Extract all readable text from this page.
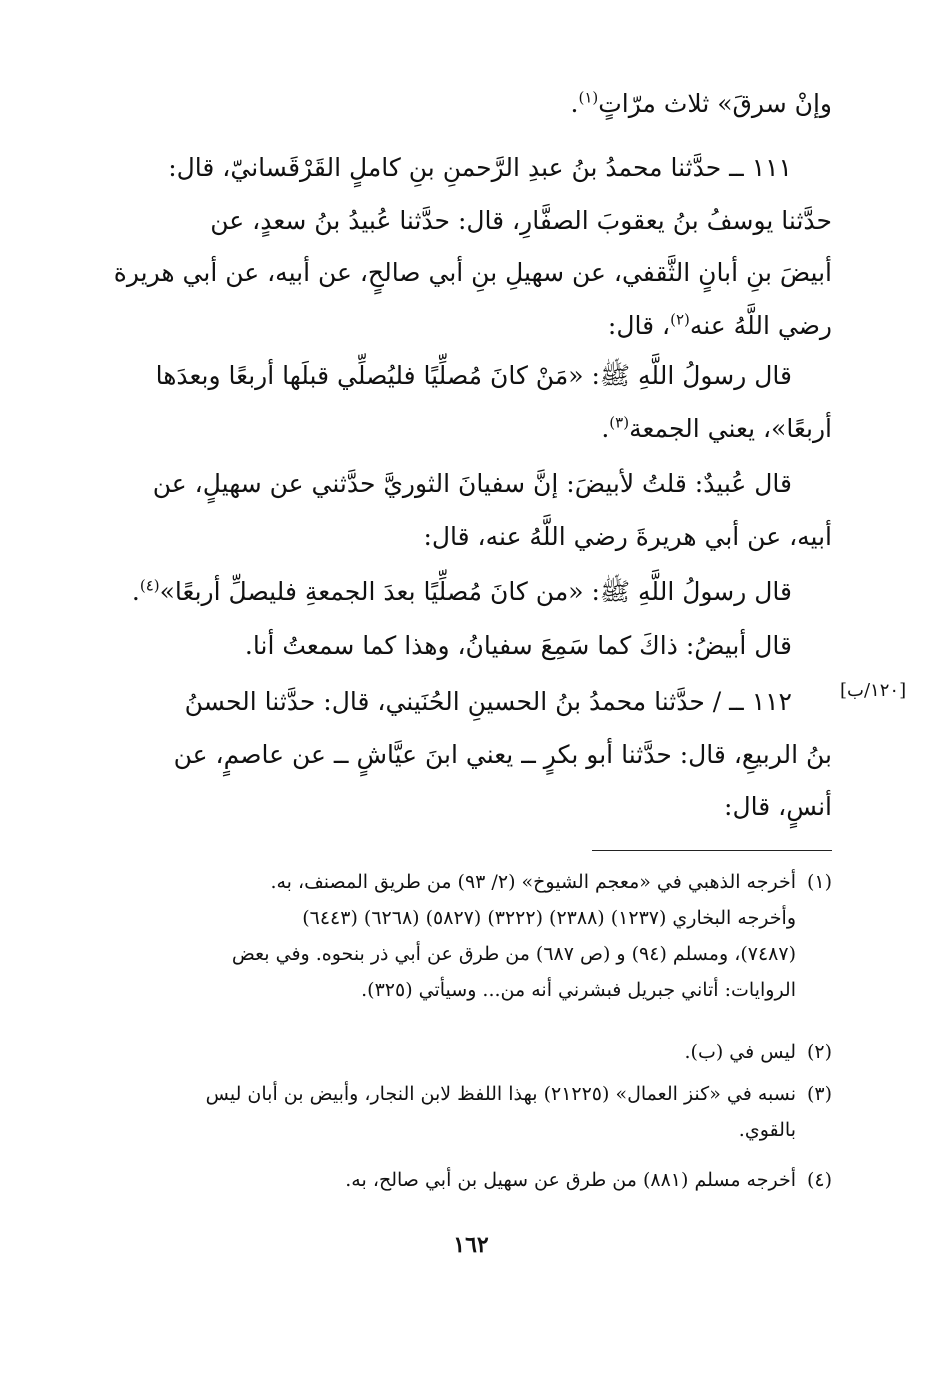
وإنْ سرقَ» ثلاث مرّاتٍ$^{(١)}$.
١١١ ــ حدَّثنا محمدُ بنُ عبدِ الرَّحمنِ بنِ كاملٍ القَرْقَسانيّ، قال:
حدَّثنا يوسفُ بنُ يعقوبَ الصفَّارِ، قال: حدَّثنا عُبيدُ بنُ سعدٍ، عن
أبيضَ بنِ أبانٍ الثَّقفي، عن سهيلِ بنِ أبي صالحٍ، عن أبيه، عن أبي هريرة
رضي اللَّهُ عنه$^{(٢)}$، قال:
قال رسولُ اللَّهِ ﷺ: «مَنْ كانَ مُصلِّيًا فليُصلِّي قبلَها أربعًا وبعدَها
أربعًا»، يعني الجمعة$^{(٣)}$.
قال عُبيدٌ: قلتُ لأبيضَ: إنَّ سفيانَ الثوريَّ حدَّثني عن سهيلٍ، عن
أبيه، عن أبي هريرةَ رضي اللَّهُ عنه، قال:
قال رسولُ اللَّهِ ﷺ: «من كانَ مُصلِّيًا بعدَ الجمعةِ فليصلِّ أربعًا»$^{(٤)}$.
قال أبيضُ: ذاكَ كما سَمِعَ سفيانُ، وهذا كما سمعتُ أنا.
[١٢٠/ب]
١١٢ ــ / حدَّثنا محمدُ بنُ الحسينِ الحُنَيني، قال: حدَّثنا الحسنُ
بنُ الربيعِ، قال: حدَّثنا أبو بكرٍ ــ يعني ابنَ عيَّاشٍ ــ عن عاصمٍ، عن
أنسٍ، قال:
(١)أخرجه الذهبي في «معجم الشيوخ» (٢/ ٩٣) من طريق المصنف، به.
وأخرجه البخاري (١٢٣٧) (٢٣٨٨) (٣٢٢٢) (٥٨٢٧) (٦٢٦٨) (٦٤٤٣)
(٧٤٨٧)، ومسلم (٩٤) و (ص ٦٨٧) من طرق عن أبي ذر بنحوه. وفي بعض
الروايات: أتاني جبريل فبشرني أنه من... وسيأتي (٣٢٥).
(٢)ليس في (ب).
(٣)نسبه في «كنز العمال» (٢١٢٢٥) بهذا اللفظ لابن النجار، وأبيض بن أبان ليس
بالقوي.
(٤)أخرجه مسلم (٨٨١) من طرق عن سهيل بن أبي صالح، به.
١٦٢
